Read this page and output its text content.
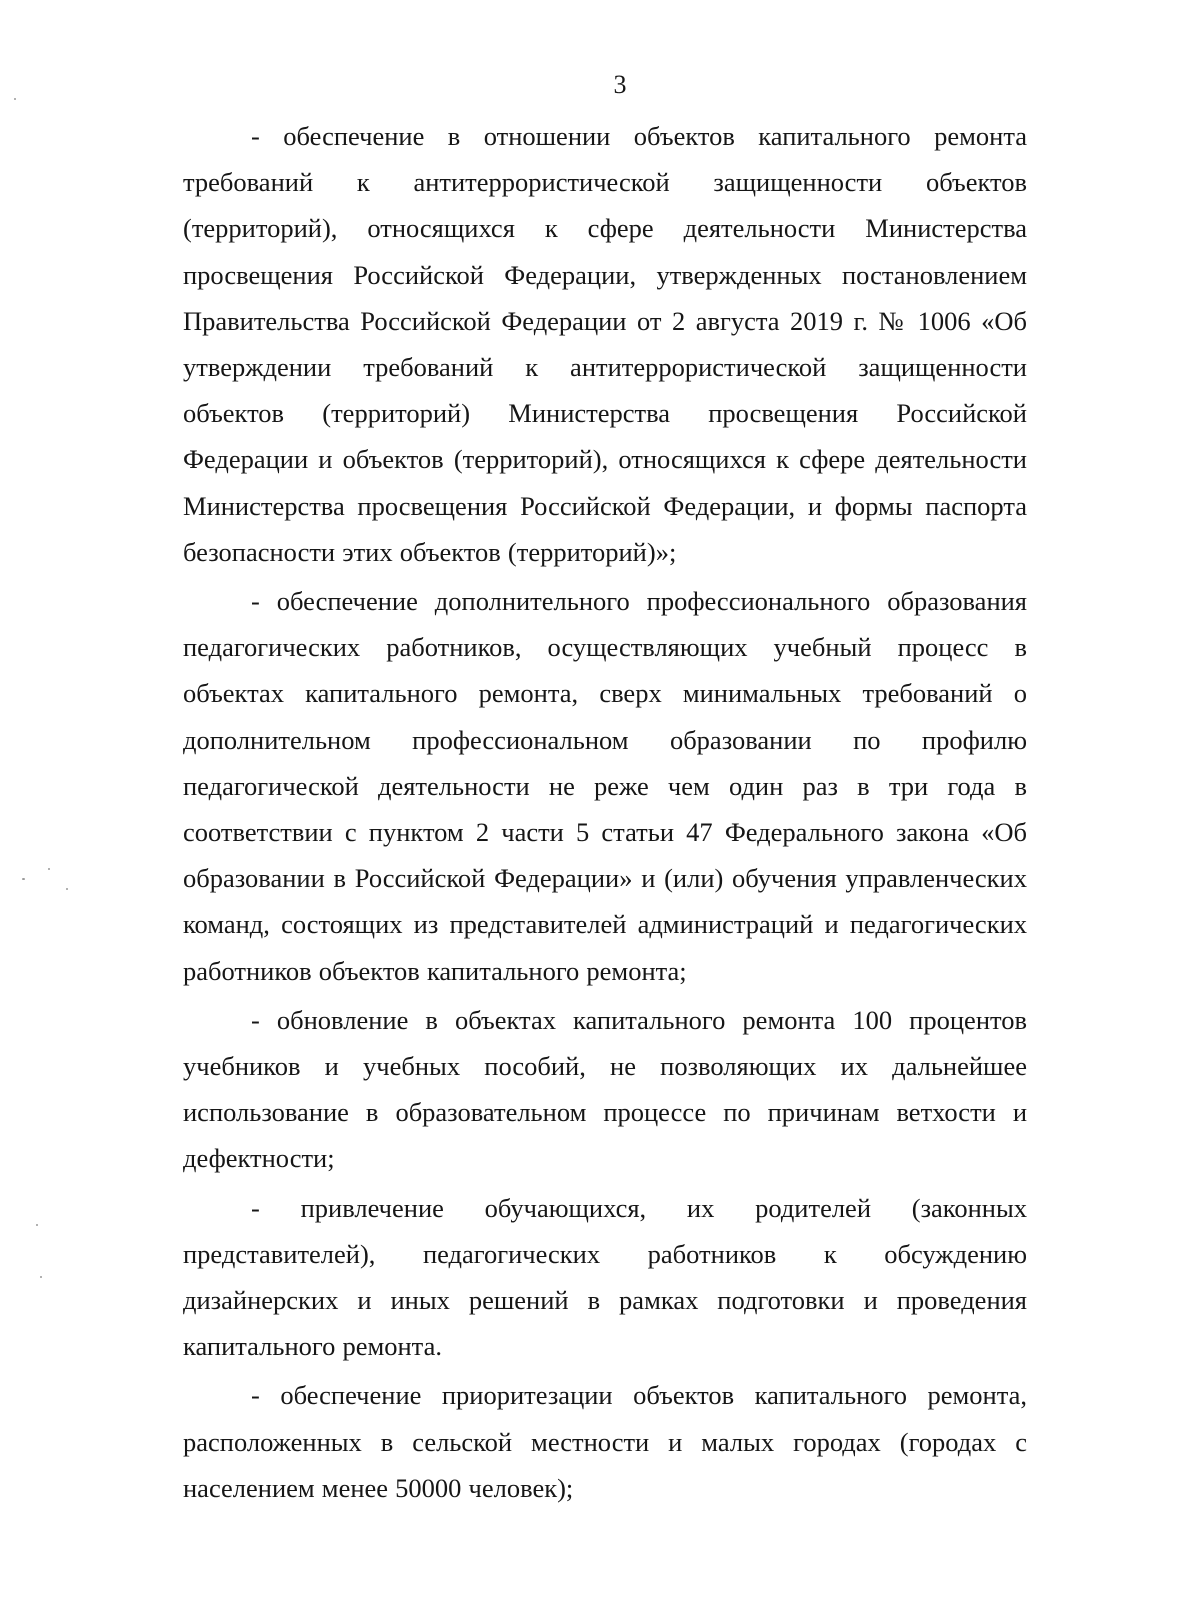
3

- обеспечение в отношении объектов капитального ремонта требований к антитеррористической защищенности объектов (территорий), относящихся к сфере деятельности Министерства просвещения Российской Федерации, утвержденных постановлением Правительства Российской Федерации от 2 августа 2019 г. № 1006 «Об утверждении требований к антитеррористической защищенности объектов (территорий) Министерства просвещения Российской Федерации и объектов (территорий), относящихся к сфере деятельности Министерства просвещения Российской Федерации, и формы паспорта безопасности этих объектов (территорий)»;

- обеспечение дополнительного профессионального образования педагогических работников, осуществляющих учебный процесс в объектах капитального ремонта, сверх минимальных требований о дополнительном профессиональном образовании по профилю педагогической деятельности не реже чем один раз в три года в соответствии с пунктом 2 части 5 статьи 47 Федерального закона «Об образовании в Российской Федерации» и (или) обучения управленческих команд, состоящих из представителей администраций и педагогических работников объектов капитального ремонта;

- обновление в объектах капитального ремонта 100 процентов учебников и учебных пособий, не позволяющих их дальнейшее использование в образовательном процессе по причинам ветхости и дефектности;

- привлечение обучающихся, их родителей (законных представителей), педагогических работников к обсуждению дизайнерских и иных решений в рамках подготовки и проведения капитального ремонта.

- обеспечение приоритезации объектов капитального ремонта, расположенных в сельской местности и малых городах (городах с населением менее 50000 человек);
